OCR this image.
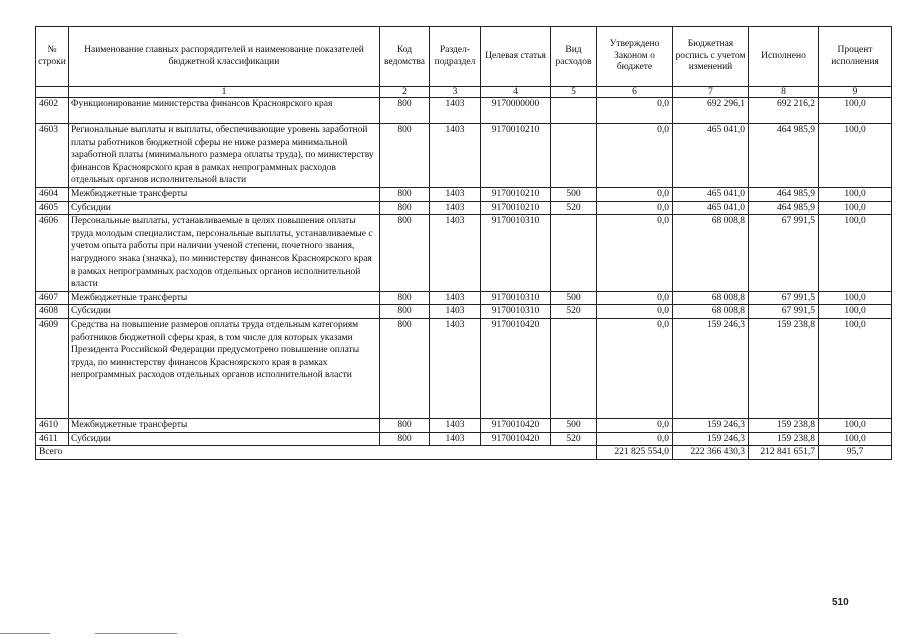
№ строки	Наименование главных распорядителей и наименование показателей бюджетной классификации	Код ведомства	Раздел-подраздел	Целевая статья	Вид расходов	Утверждено Законом о бюджете	Бюджетная роспись с учетом изменений	Исполнено	Процент исполнения
	1	2	3	4	5	6	7	8	9
4602	Функционирование министерства финансов Красноярского края	800	1403	9170000000		0,0	692 296,1	692 216,2	100,0
4603	Региональные выплаты и выплаты, обеспечивающие уровень заработной платы работников бюджетной сферы не ниже размера минимальной заработной платы (минимального размера оплаты труда), по министерству финансов Красноярского края в рамках непрограммных расходов отдельных органов исполнительной власти	800	1403	9170010210		0,0	465 041,0	464 985,9	100,0
4604	Межбюджетные трансферты	800	1403	9170010210	500	0,0	465 041,0	464 985,9	100,0
4605	Субсидии	800	1403	9170010210	520	0,0	465 041,0	464 985,9	100,0
4606	Персональные выплаты, устанавливаемые в целях повышения оплаты труда молодым специалистам, персональные выплаты, устанавливаемые с учетом опыта работы при наличии ученой степени, почетного звания, нагрудного знака (значка), по министерству финансов Красноярского края в рамках непрограммных расходов отдельных органов исполнительной власти	800	1403	9170010310		0,0	68 008,8	67 991,5	100,0
4607	Межбюджетные трансферты	800	1403	9170010310	500	0,0	68 008,8	67 991,5	100,0
4608	Субсидии	800	1403	9170010310	520	0,0	68 008,8	67 991,5	100,0
4609	Средства на повышение размеров оплаты труда отдельным категориям работников бюджетной сферы края, в том числе для которых указами Президента Российской Федерации предусмотрено повышение оплаты труда, по министерству финансов Красноярского края в рамках непрограммных расходов отдельных органов исполнительной власти	800	1403	9170010420		0,0	159 246,3	159 238,8	100,0
4610	Межбюджетные трансферты	800	1403	9170010420	500	0,0	159 246,3	159 238,8	100,0
4611	Субсидии	800	1403	9170010420	520	0,0	159 246,3	159 238,8	100,0
Всего						221 825 554,0	222 366 430,3	212 841 651,7	95,7
510
